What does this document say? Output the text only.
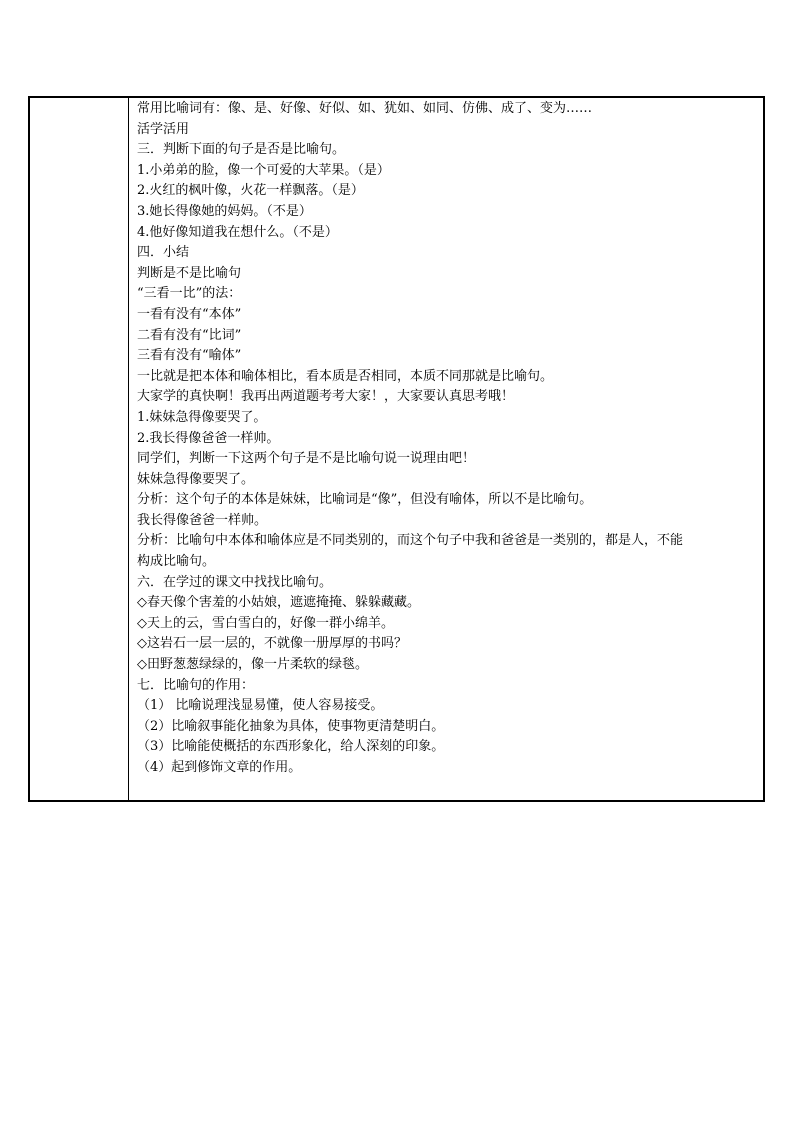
常用比喻词有：像、是、好像、好似、如、犹如、如同、仿佛、成了、变为……
活学活用
三．判断下面的句子是否是比喻句。
1.小弟弟的脸，像一个可爱的大苹果。（是）
2.火红的枫叶像，火花一样飘落。（是）
3.她长得像她的妈妈。（不是）
4.他好像知道我在想什么。（不是）
四．小结
判断是不是比喻句
“三看一比”的法：
一看有没有“本体”
二看有没有“比词”
三看有没有“喻体”
一比就是把本体和喻体相比，看本质是否相同，本质不同那就是比喻句。
大家学的真快啊！我再出两道题考考大家！，大家要认真思考哦！
1.妹妹急得像要哭了。
2.我长得像爸爸一样帅。
同学们，判断一下这两个句子是不是比喻句说一说理由吧！
妹妹急得像要哭了。
分析：这个句子的本体是妹妹，比喻词是“像”，但没有喻体，所以不是比喻句。
我长得像爸爸一样帅。
分析：比喻句中本体和喻体应是不同类别的，而这个句子中我和爸爸是一类别的，都是人，不能
构成比喻句。
六．在学过的课文中找找比喻句。
◇春天像个害羞的小姑娘，遮遮掩掩、躲躲藏藏。
◇天上的云，雪白雪白的，好像一群小绵羊。
◇这岩石一层一层的，不就像一册厚厚的书吗？
◇田野葱葱绿绿的，像一片柔软的绿毯。
七．比喻句的作用：
（1） 比喻说理浅显易懂，使人容易接受。
（2）比喻叙事能化抽象为具体，使事物更清楚明白。
（3）比喻能使概括的东西形象化，给人深刻的印象。
（4）起到修饰文章的作用。
